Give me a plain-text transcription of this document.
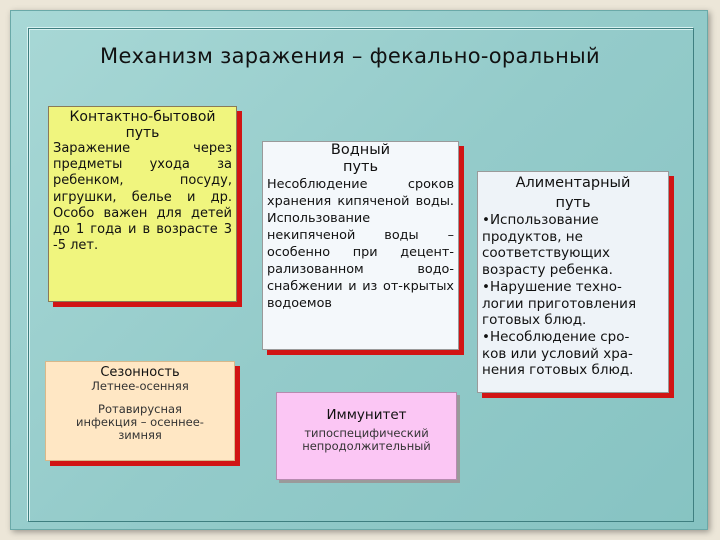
Механизм заражения – фекально-оральный
Контактно-бытовой
путь
Заражение через предметы ухода за ребенком, посуду, игрушки, белье и др. Особо важен для детей до 1 года и в возрасте 3 -5 лет.
Водный
путь
Несоблюдение сроков хранения кипяченой воды. Использование некипяченой воды – особенно при децент-рализованном водо-снабжении и из от-крытых водоемов
Алиментарный
путь
•Использование
продуктов, не
соответствующих
возрасту ребенка.
•Нарушение техно-
логии приготовления
готовых блюд.
•Несоблюдение сро-
ков или условий хра-
нения готовых блюд.
Сезонность
Летнее-осенняя
Ротавирусная
инфекция – осеннее-
зимняя
Иммунитет
типоспецифический
непродолжительный
